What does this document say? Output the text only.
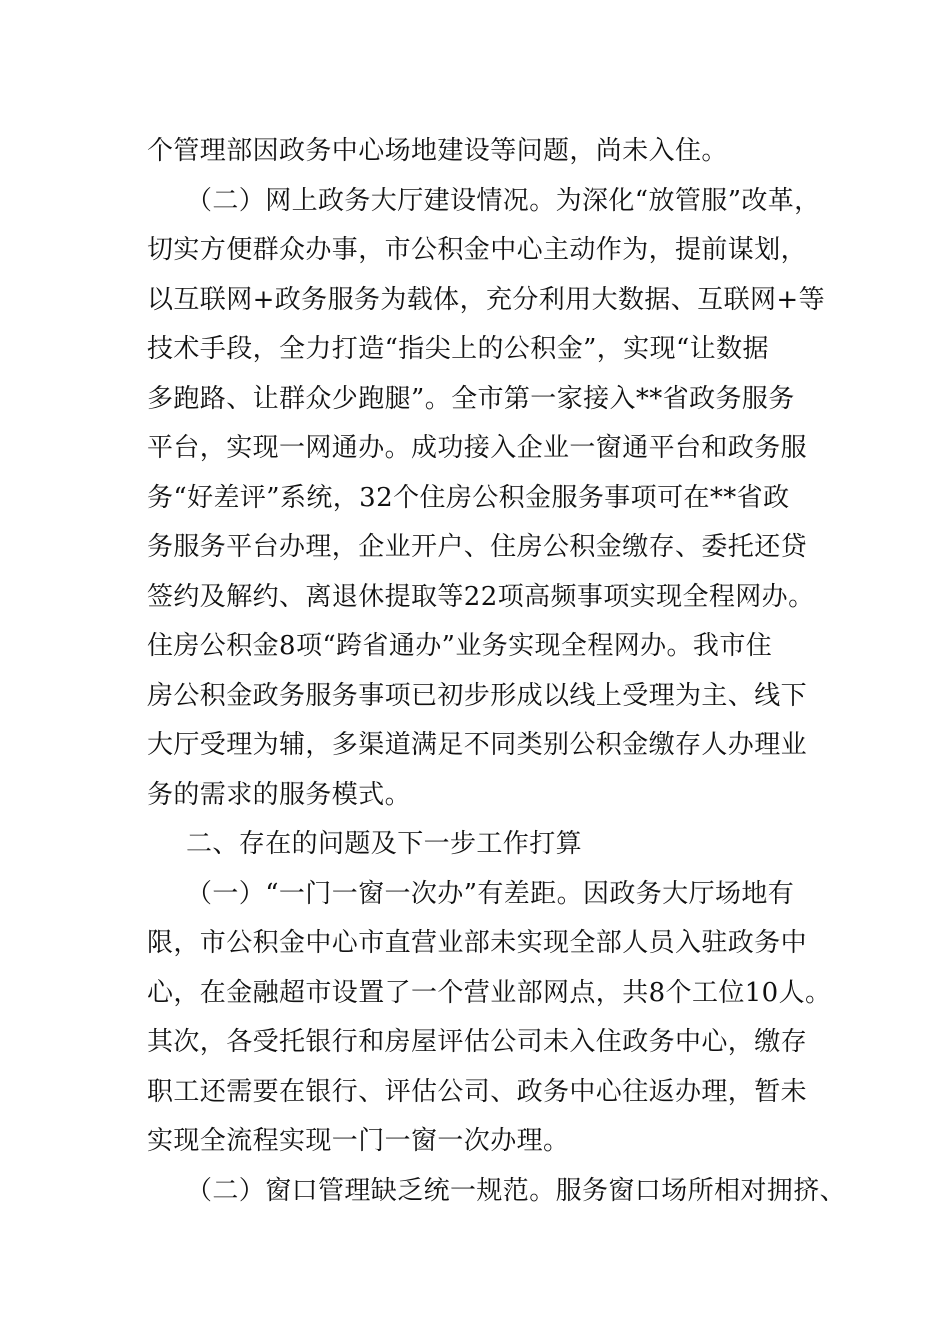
个管理部因政务中心场地建设等问题，尚未入住。
（二）网上政务大厅建设情况。为深化“放管服”改革，
切实方便群众办事，市公积金中心主动作为，提前谋划，
以互联网+政务服务为载体，充分利用大数据、互联网+等
技术手段，全力打造“指尖上的公积金”，实现“让数据
多跑路、让群众少跑腿”。全市第一家接入**省政务服务
平台，实现一网通办。成功接入企业一窗通平台和政务服
务“好差评”系统，32个住房公积金服务事项可在**省政
务服务平台办理，企业开户、住房公积金缴存、委托还贷
签约及解约、离退休提取等22项高频事项实现全程网办。
住房公积金8项“跨省通办”业务实现全程网办。我市住
房公积金政务服务事项已初步形成以线上受理为主、线下
大厅受理为辅，多渠道满足不同类别公积金缴存人办理业
务的需求的服务模式。
二、存在的问题及下一步工作打算
（一）“一门一窗一次办”有差距。因政务大厅场地有
限，市公积金中心市直营业部未实现全部人员入驻政务中
心，在金融超市设置了一个营业部网点，共8个工位10人。
其次，各受托银行和房屋评估公司未入住政务中心，缴存
职工还需要在银行、评估公司、政务中心往返办理，暂未
实现全流程实现一门一窗一次办理。
（二）窗口管理缺乏统一规范。服务窗口场所相对拥挤、
